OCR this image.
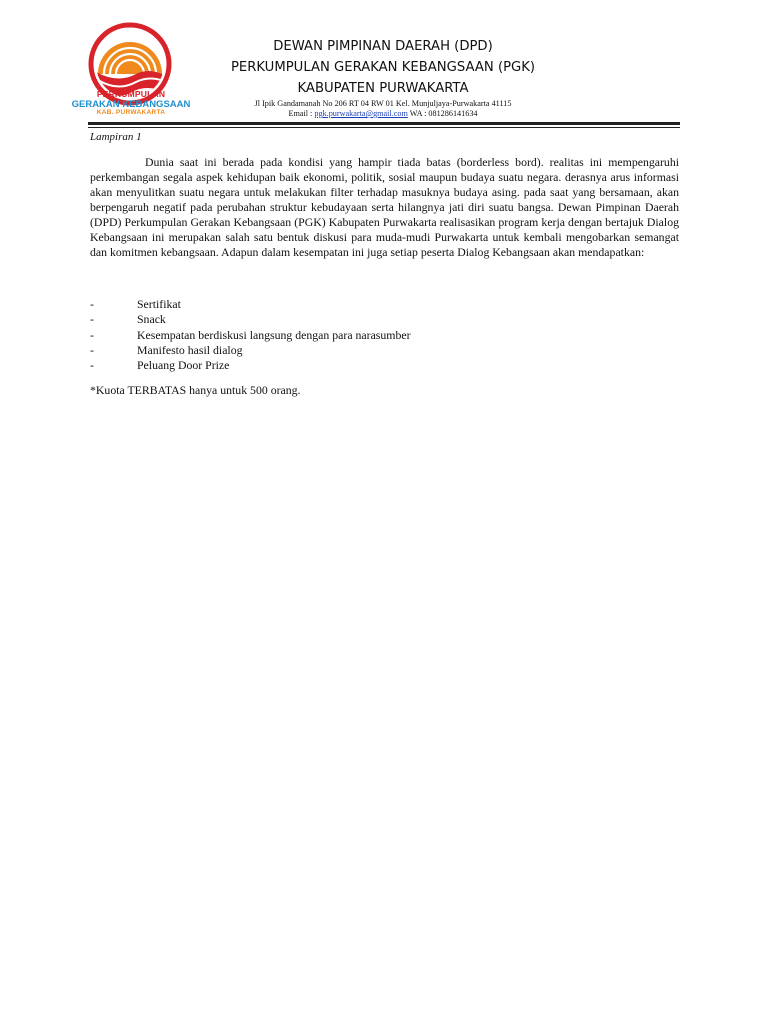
PERKUMPULAN
GERAKAN KEBANGSAAN
KAB. PURWAKARTA
DEWAN PIMPINAN DAERAH (DPD)
PERKUMPULAN GERAKAN KEBANGSAAN (PGK)
KABUPATEN PURWAKARTA
Jl Ipik Gandamanah No 206 RT 04 RW 01 Kel. Munjuljaya-Purwakarta 41115
Email : pgk.purwakarta@gmail.com WA : 081286141634
Lampiran 1
Dunia saat ini berada pada kondisi yang hampir tiada batas (borderless bord). realitas ini mempengaruhi perkembangan segala aspek kehidupan baik ekonomi, politik, sosial maupun budaya suatu negara. derasnya arus informasi akan menyulitkan suatu negara untuk melakukan filter terhadap masuknya budaya asing. pada saat yang bersamaan, akan berpengaruh negatif pada perubahan struktur kebudayaan serta hilangnya jati diri suatu bangsa. Dewan Pimpinan Daerah (DPD) Perkumpulan Gerakan Kebangsaan (PGK) Kabupaten Purwakarta realisasikan program kerja dengan bertajuk Dialog Kebangsaan ini merupakan salah satu bentuk diskusi para muda-mudi Purwakarta untuk kembali mengobarkan semangat dan komitmen kebangsaan. Adapun dalam kesempatan ini juga setiap peserta Dialog Kebangsaan akan mendapatkan:
-	Sertifikat
-	Snack
-	Kesempatan berdiskusi langsung dengan para narasumber
-	Manifesto hasil dialog
-	Peluang Door Prize
*Kuota TERBATAS hanya untuk 500 orang.
